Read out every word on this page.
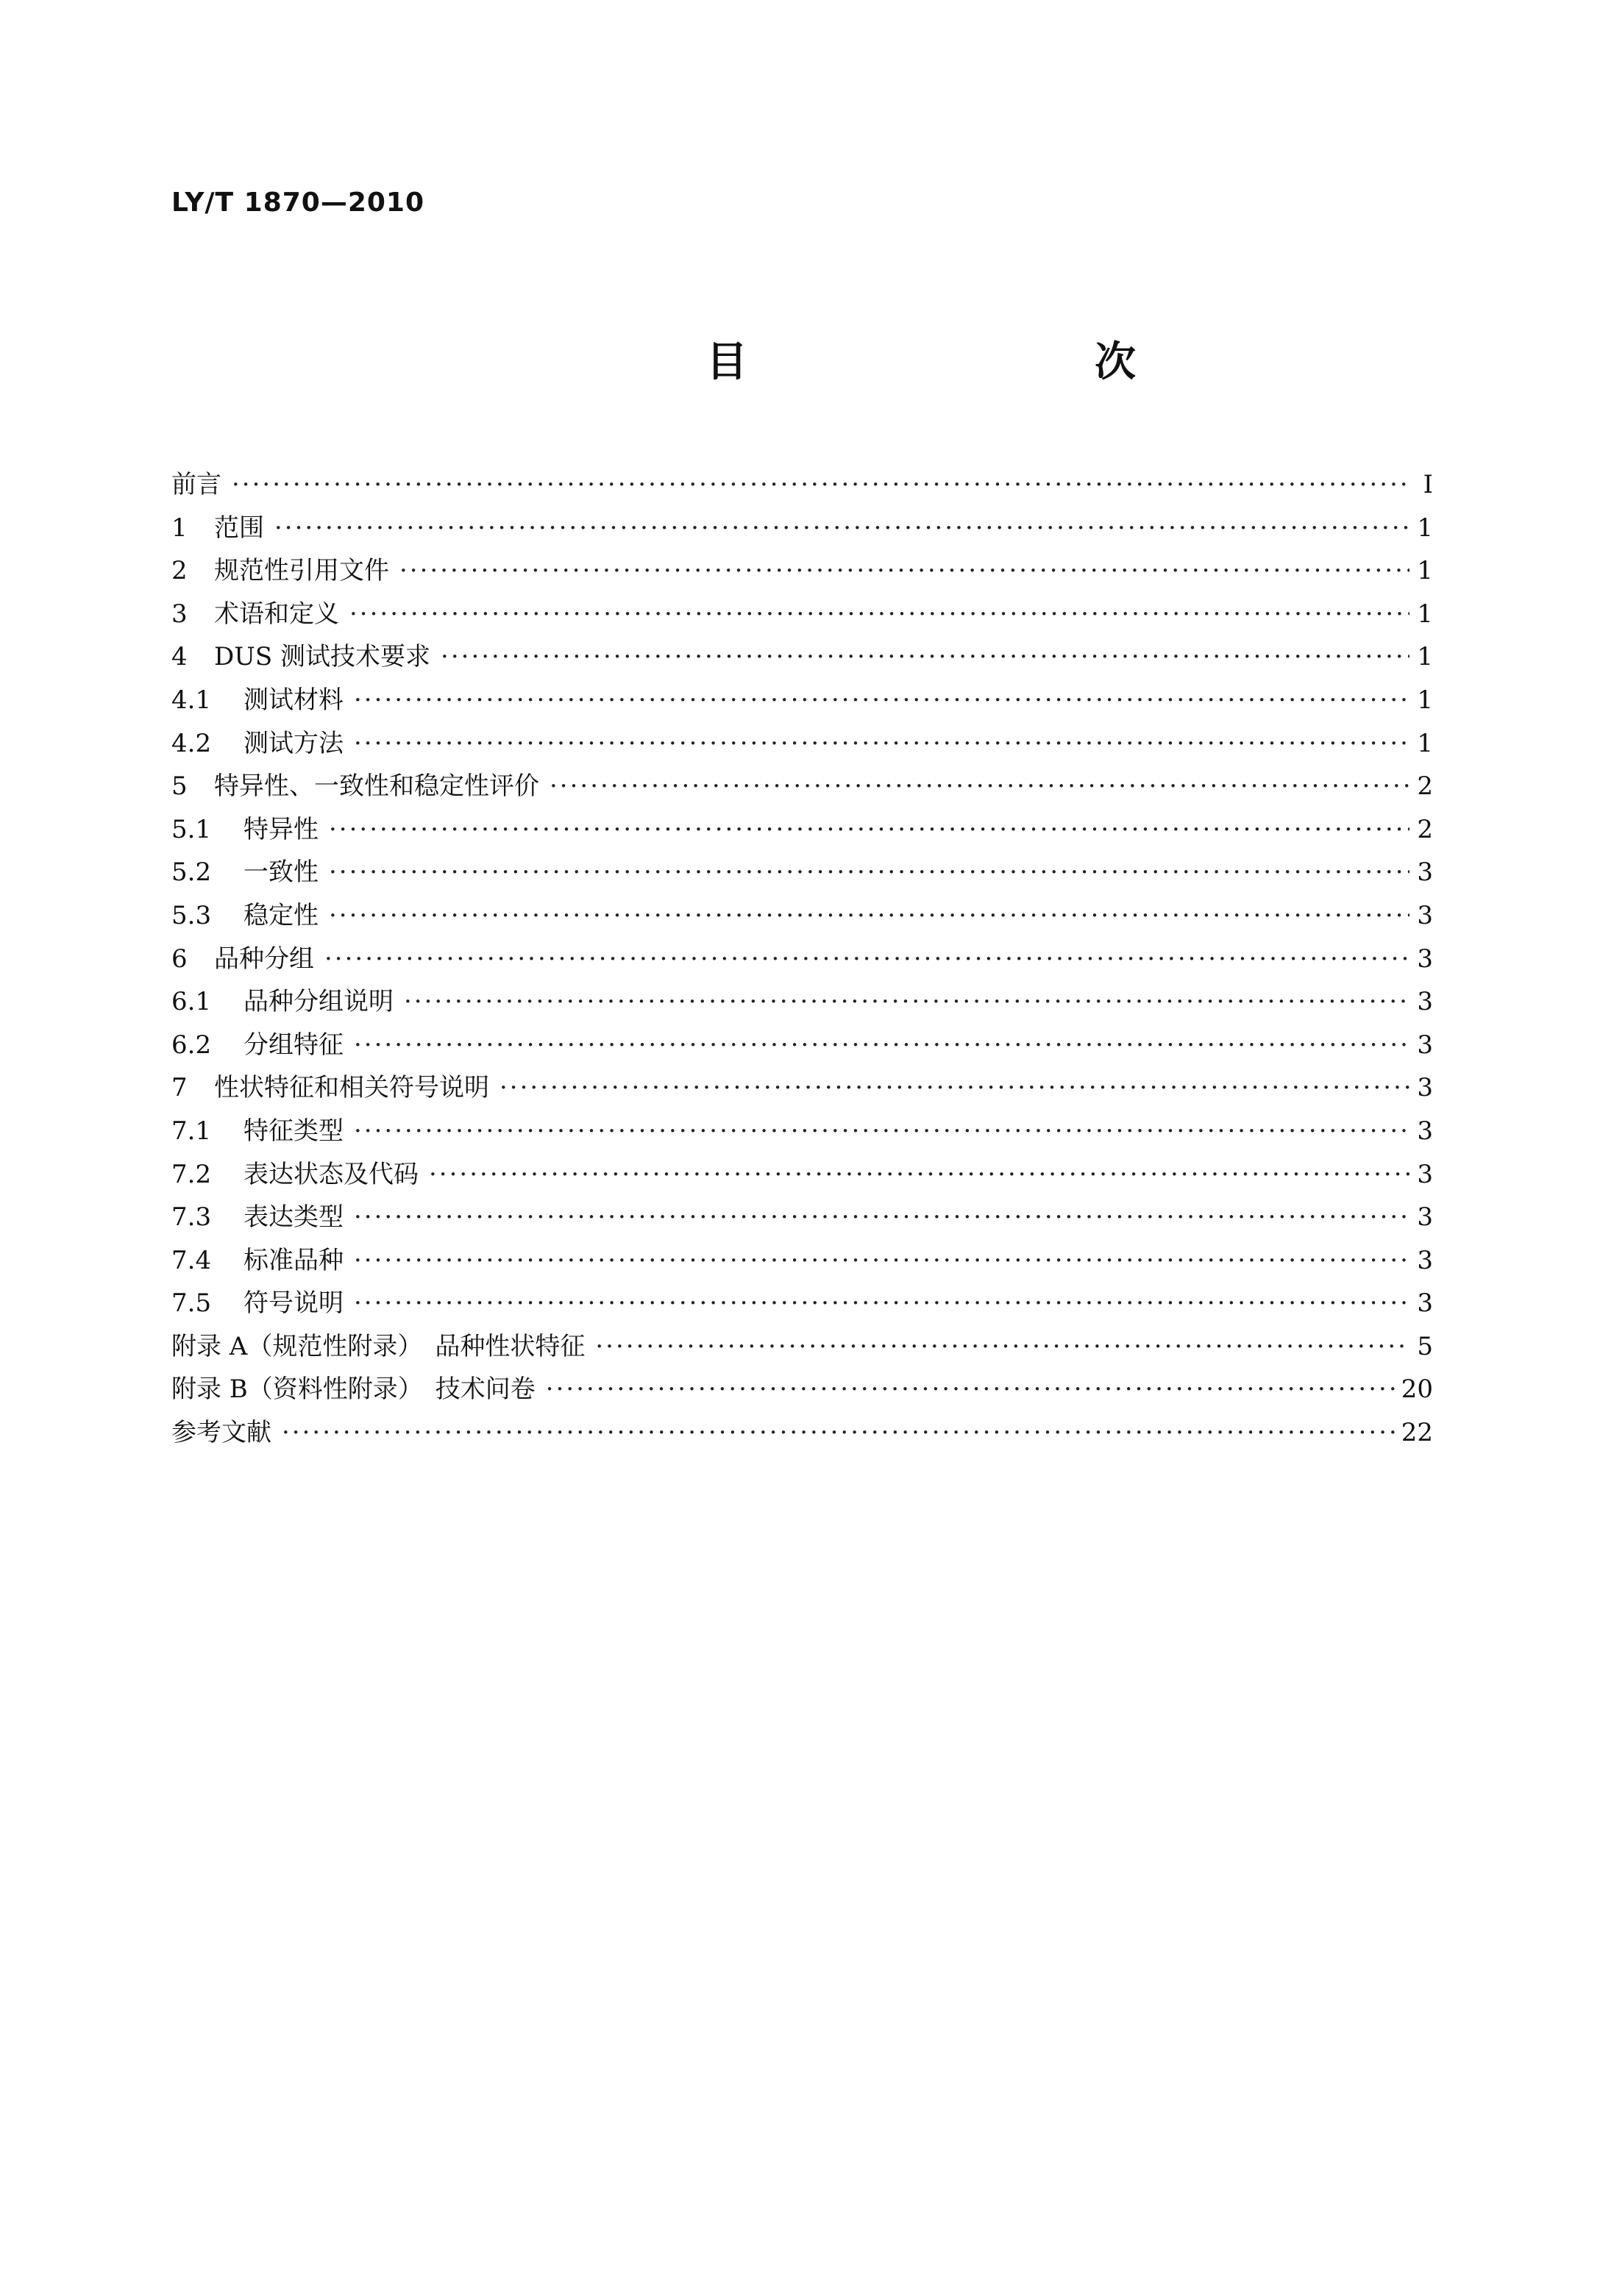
LY/T 1870—2010
目　　次
前言 ·····	Ⅰ
1	范围 ·····	1
2	规范性引用文件 ·····	1
3	术语和定义 ·····	1
4	DUS 测试技术要求 ·····	1
4.1	测试材料 ·····	1
4.2	测试方法 ·····	1
5	特异性、一致性和稳定性评价 ·····	2
5.1	特异性 ·····	2
5.2	一致性 ·····	3
5.3	稳定性 ·····	3
6	品种分组 ·····	3
6.1	品种分组说明 ·····	3
6.2	分组特征 ·····	3
7	性状特征和相关符号说明 ·····	3
7.1	特征类型 ·····	3
7.2	表达状态及代码 ·····	3
7.3	表达类型 ·····	3
7.4	标准品种 ·····	3
7.5	符号说明 ·····	3
附录 A（规范性附录）　品种性状特征 ·····	5
附录 B（资料性附录）　技术问卷 ·····	20
参考文献 ·····	22
